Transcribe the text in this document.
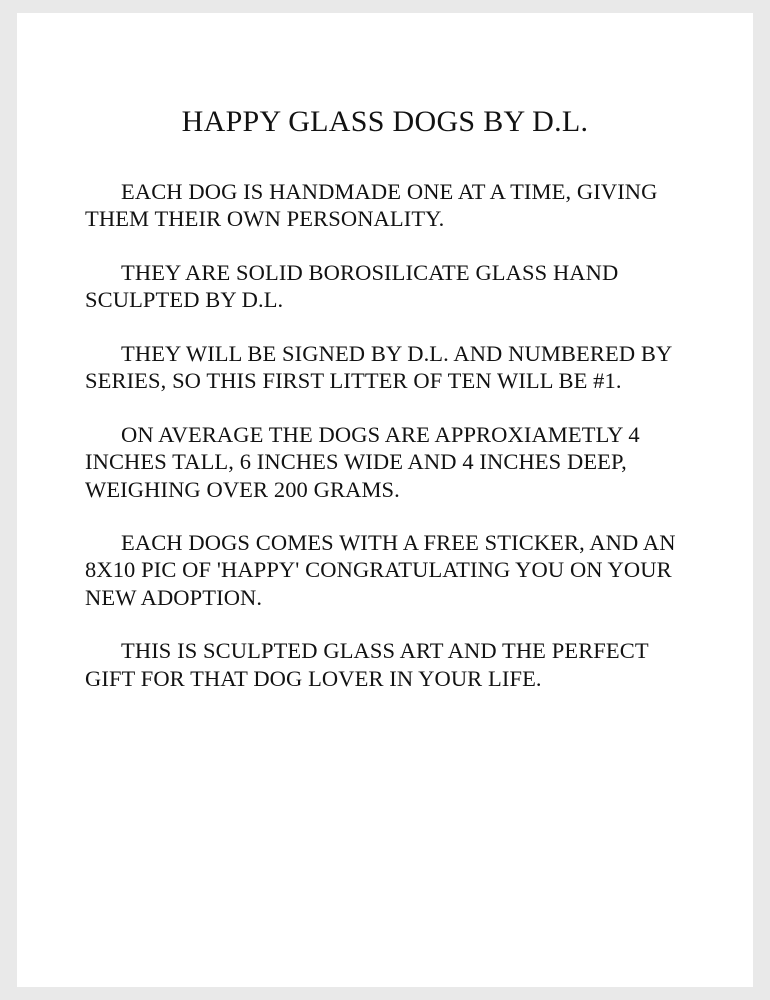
HAPPY GLASS DOGS BY D.L.

EACH DOG IS HANDMADE ONE AT A TIME, GIVING THEM THEIR OWN PERSONALITY.

THEY ARE SOLID BOROSILICATE GLASS HAND SCULPTED BY D.L.

THEY WILL BE SIGNED BY D.L. AND NUMBERED BY SERIES, SO THIS FIRST LITTER OF TEN WILL BE #1.

ON AVERAGE THE DOGS ARE APPROXIAMETLY 4 INCHES TALL, 6 INCHES WIDE AND 4 INCHES DEEP, WEIGHING OVER 200 GRAMS.

EACH DOGS COMES WITH A FREE STICKER, AND AN 8X10 PIC OF 'HAPPY' CONGRATULATING YOU ON YOUR NEW ADOPTION.

THIS IS SCULPTED GLASS ART AND THE PERFECT GIFT FOR THAT DOG LOVER IN YOUR LIFE.
